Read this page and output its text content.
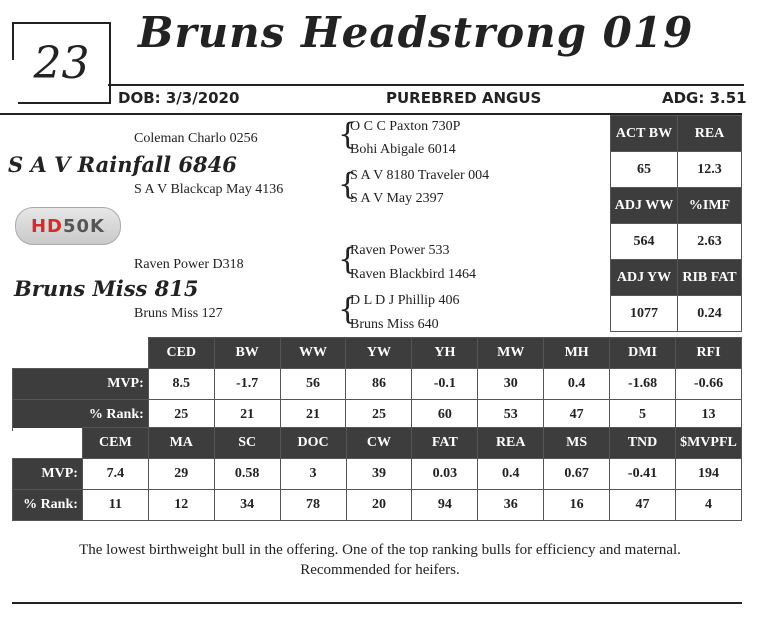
23
Bruns Headstrong 019
DOB: 3/3/2020	PUREBRED ANGUS	ADG: 3.51
Coleman Charlo 0256
S A V Rainfall 6846
S A V Blackcap May 4136
{
O C C Paxton 730P
Bohi Abigale 6014
{
S A V 8180 Traveler 004
S A V May 2397
HD 50K
Raven Power D318
Bruns Miss 815
Bruns Miss 127
{
Raven Power 533
Raven Blackbird 1464
{
D L D J Phillip 406
Bruns Miss 640
ACT BW	REA
65	12.3
ADJ WW	%IMF
564	2.63
ADJ YW	RIB FAT
1077	0.24
	CED	BW	WW	YW	YH	MW	MH	DMI	RFI
MVP:	8.5	-1.7	56	86	-0.1	30	0.4	-1.68	-0.66
% Rank:	25	21	21	25	60	53	47	5	13
	CEM	MA	SC	DOC	CW	FAT	REA	MS	TND	$MVPFL
MVP:	7.4	29	0.58	3	39	0.03	0.4	0.67	-0.41	194
% Rank:	11	12	34	78	20	94	36	16	47	4
The lowest birthweight bull in the offering. One of the top ranking bulls for efficiency and maternal.
Recommended for heifers.
